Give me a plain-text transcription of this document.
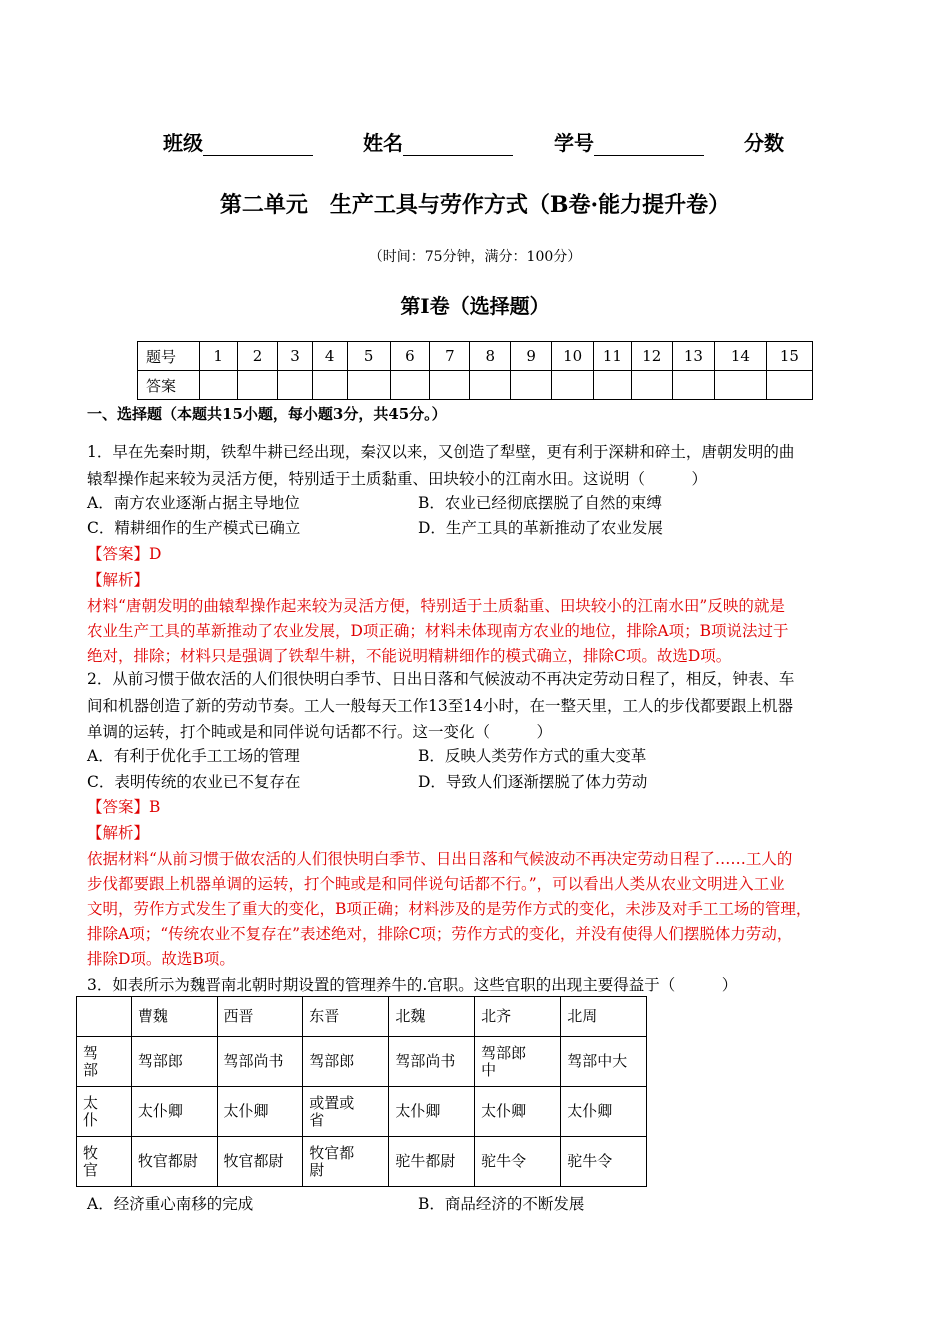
班级	姓名	学号	分数
第二单元　生产工具与劳作方式（B卷·能力提升卷）
（时间：75分钟，满分：100分）
第Ⅰ卷（选择题）
题号	1	2	3	4	5	6	7	8	9	10	11	12	13	14	15
答案															
一、选择题（本题共15小题，每小题3分，共45分。）
	曹魏	西晋	东晋	北魏	北齐	北周
驾部	驾部郎	驾部尚书	驾部郎	驾部尚书	驾部郎中	驾部中大
太仆	太仆卿	太仆卿	或置或省	太仆卿	太仆卿	太仆卿
牧官	牧官都尉	牧官都尉	牧官都尉	驼牛都尉	驼牛令	驼牛令
1．早在先秦时期，铁犁牛耕已经出现，秦汉以来，又创造了犁壁，更有利于深耕和碎土，唐朝发明的曲
辕犁操作起来较为灵活方便，特别适于土质黏重、田块较小的江南水田。这说明（　　　）
A．南方农业逐渐占据主导地位	B．农业已经彻底摆脱了自然的束缚
C．精耕细作的生产模式已确立	D．生产工具的革新推动了农业发展
【答案】D
【解析】
材料“唐朝发明的曲辕犁操作起来较为灵活方便，特别适于土质黏重、田块较小的江南水田”反映的就是
农业生产工具的革新推动了农业发展，D项正确；材料未体现南方农业的地位，排除A项；B项说法过于
绝对，排除；材料只是强调了铁犁牛耕，不能说明精耕细作的模式确立，排除C项。故选D项。
2．从前习惯于做农活的人们很快明白季节、日出日落和气候波动不再决定劳动日程了，相反，钟表、车
间和机器创造了新的劳动节奏。工人一般每天工作13至14小时，在一整天里，工人的步伐都要跟上机器
单调的运转，打个盹或是和同伴说句话都不行。这一变化（　　　）
A．有利于优化手工工场的管理	B．反映人类劳作方式的重大变革
C．表明传统的农业已不复存在	D．导致人们逐渐摆脱了体力劳动
【答案】B
【解析】
依据材料“从前习惯于做农活的人们很快明白季节、日出日落和气候波动不再决定劳动日程了……工人的
步伐都要跟上机器单调的运转，打个盹或是和同伴说句话都不行。”，可以看出人类从农业文明进入工业
文明，劳作方式发生了重大的变化，B项正确；材料涉及的是劳作方式的变化，未涉及对手工工场的管理，
排除A项；“传统农业不复存在”表述绝对，排除C项；劳作方式的变化，并没有使得人们摆脱体力劳动，
排除D项。故选B项。
3．如表所示为魏晋南北朝时期设置的管理养牛的.官职。这些官职的出现主要得益于（　　　）
A．经济重心南移的完成	B．商品经济的不断发展
